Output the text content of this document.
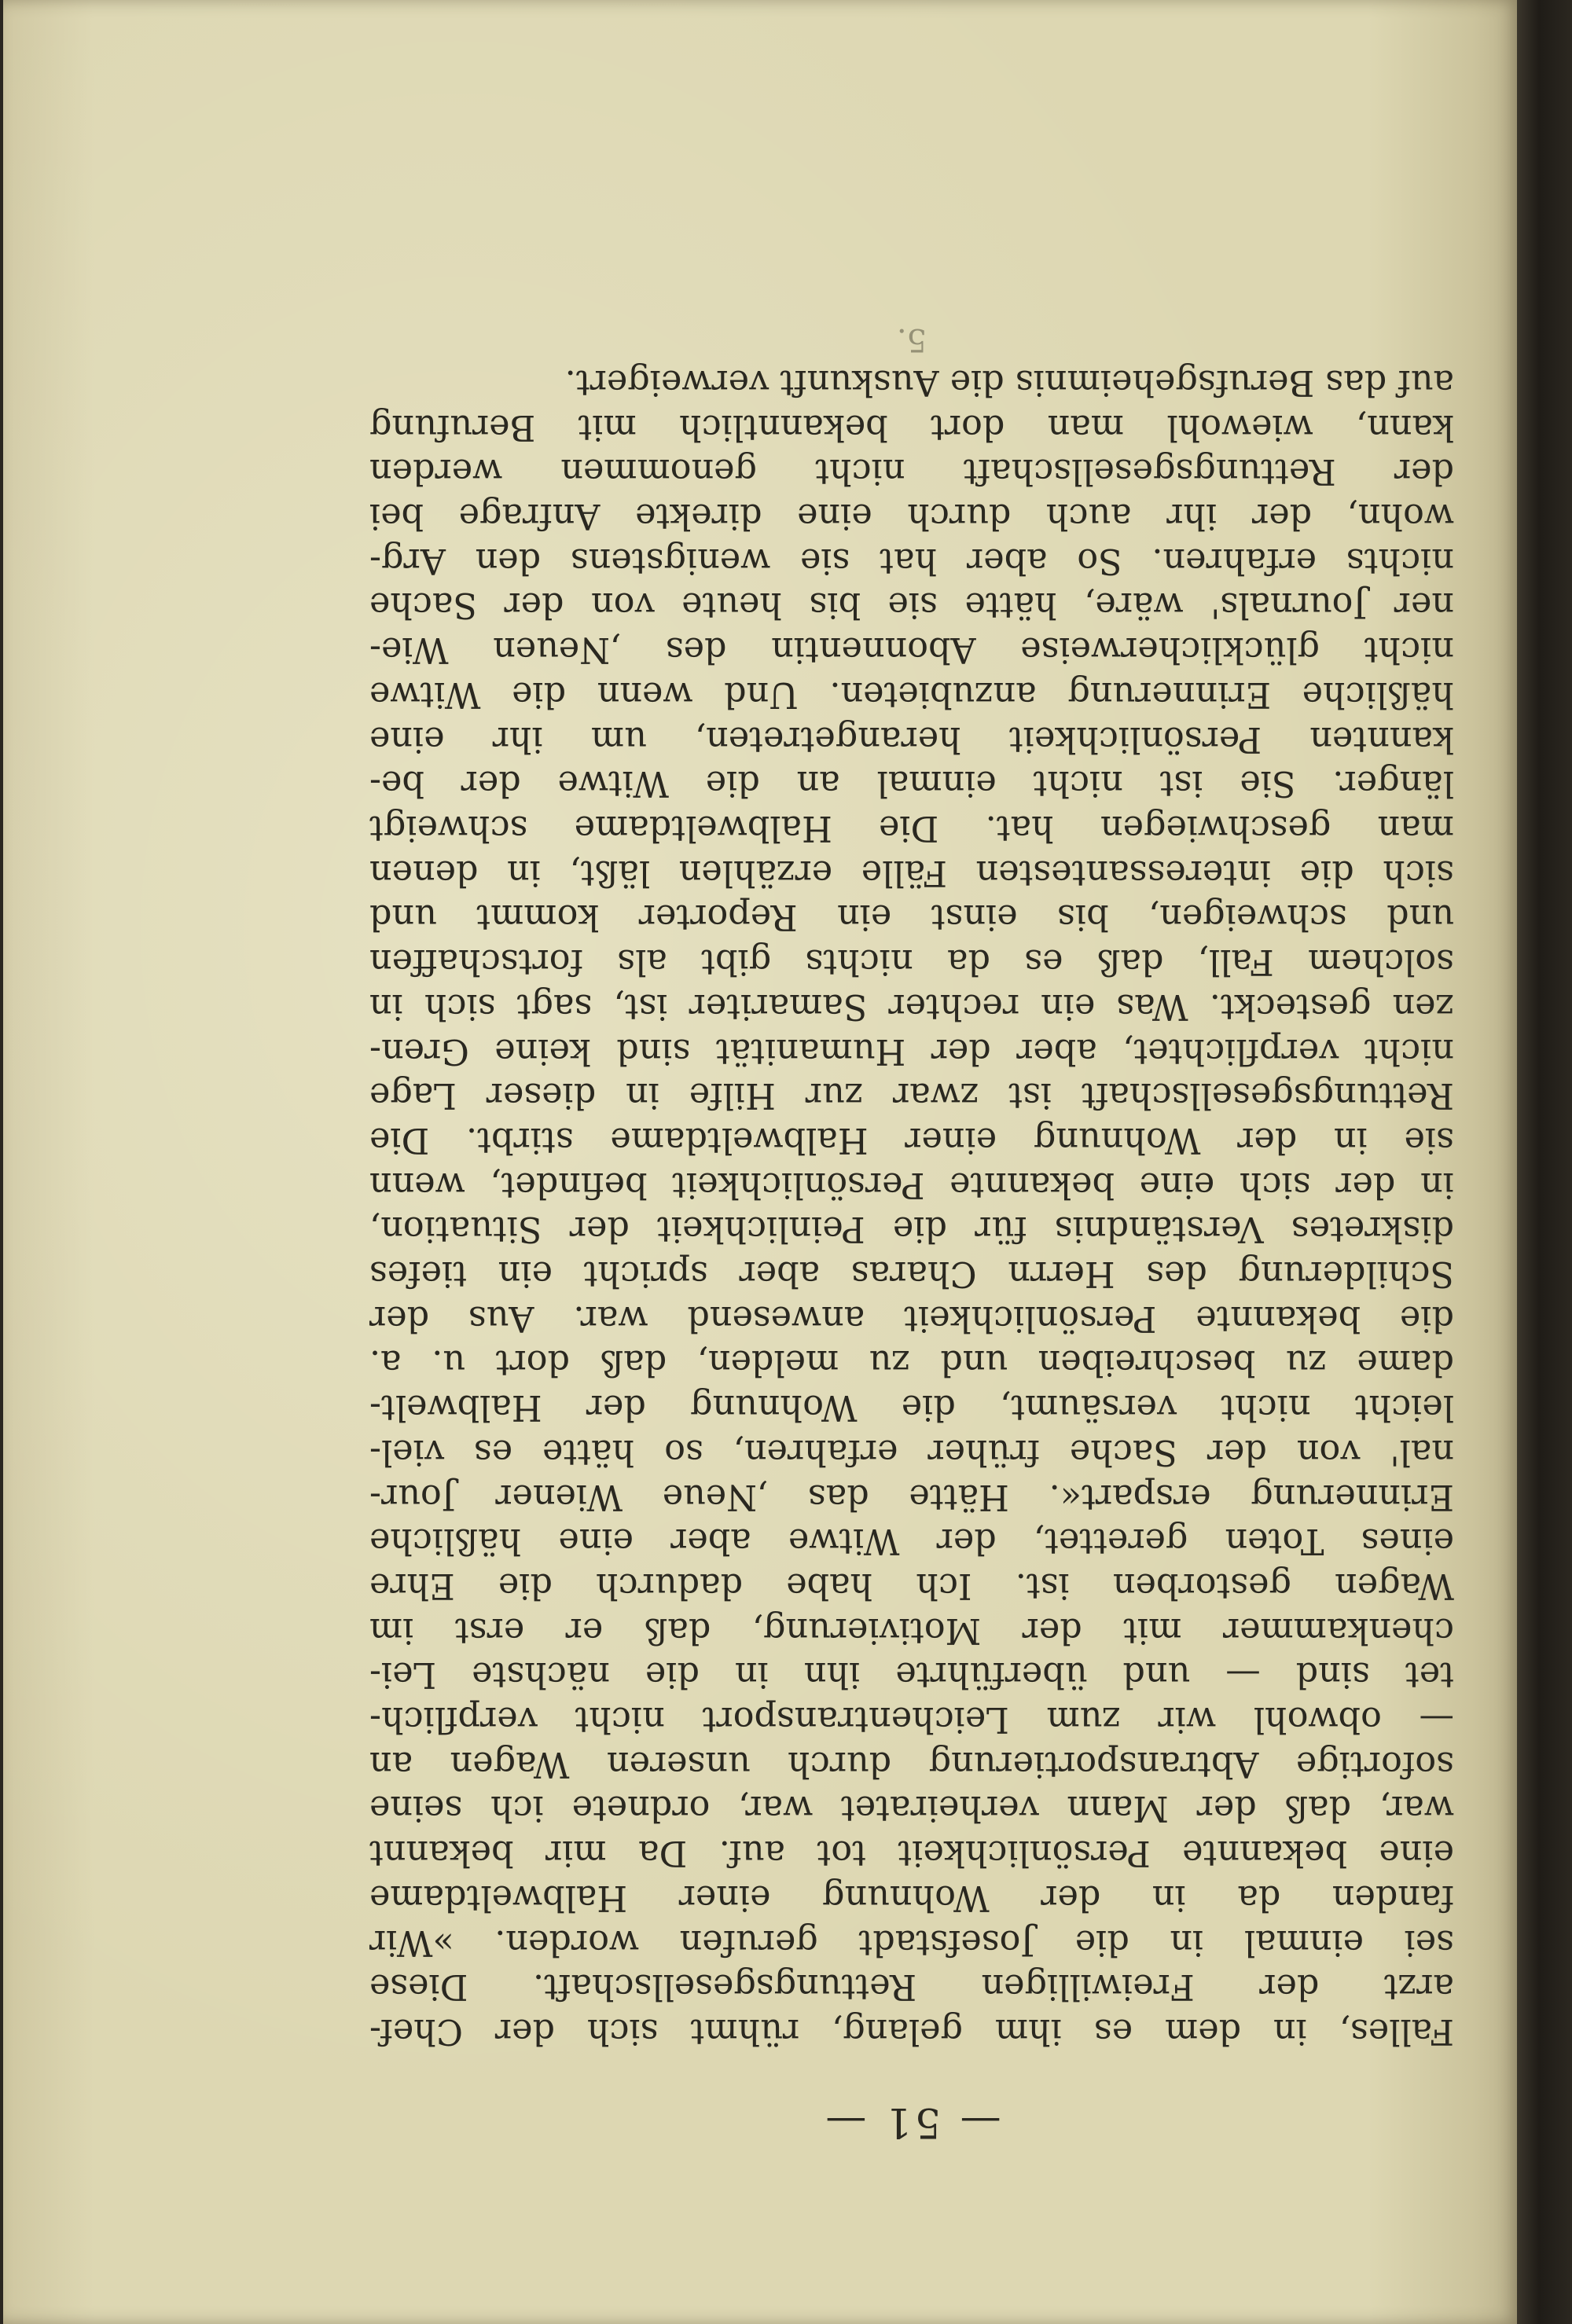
— 51 —
Falles, in dem es ihm gelang, rühmt sich der Chef-
arzt der Freiwilligen Rettungsgesellschaft. Diese
sei einmal in die Josefstadt gerufen worden. »Wir
fanden da in der Wohnung einer Halbweltdame
eine bekannte Persönlichkeit tot auf. Da mir bekannt
war, daß der Mann verheiratet war, ordnete ich seine
sofortige Abtransportierung durch unseren Wagen an
— obwohl wir zum Leichentransport nicht verpflich-
tet sind — und überführte ihn in die nächste Lei-
chenkammer mit der Motivierung, daß er erst im
Wagen gestorben ist. Ich habe dadurch die Ehre
eines Toten gerettet, der Witwe aber eine häßliche
Erinnerung erspart«. Hätte das ‚Neue Wiener Jour-
nal' von der Sache früher erfahren, so hätte es viel-
leicht nicht versäumt, die Wohnung der Halbwelt-
dame zu beschreiben und zu melden, daß dort u. a.
die bekannte Persönlichkeit anwesend war. Aus der
Schilderung des Herrn Charas aber spricht ein tiefes
diskretes Verständnis für die Peinlichkeit der Situation,
in der sich eine bekannte Persönlichkeit befindet, wenn
sie in der Wohnung einer Halbweltdame stirbt. Die
Rettungsgesellschaft ist zwar zur Hilfe in dieser Lage
nicht verpflichtet, aber der Humanität sind keine Gren-
zen gesteckt. Was ein rechter Samariter ist, sagt sich in
solchem Fall, daß es da nichts gibt als fortschaffen
und schweigen, bis einst ein Reporter kommt und
sich die interessantesten Fälle erzählen läßt, in denen
man geschwiegen hat. Die Halbweltdame schweigt
länger. Sie ist nicht einmal an die Witwe der be-
kannten Persönlichkeit herangetreten, um ihr eine
häßliche Erinnerung anzubieten. Und wenn die Witwe
nicht glücklicherweise Abonnentin des ‚Neuen Wie-
ner Journals' wäre, hätte sie bis heute von der Sache
nichts erfahren. So aber hat sie wenigstens den Arg-
wohn, der ihr auch durch eine direkte Anfrage bei
der Rettungsgesellschaft nicht genommen werden
kann, wiewohl man dort bekanntlich mit Berufung
auf das Berufsgeheimnis die Auskunft verweigert.
5.
